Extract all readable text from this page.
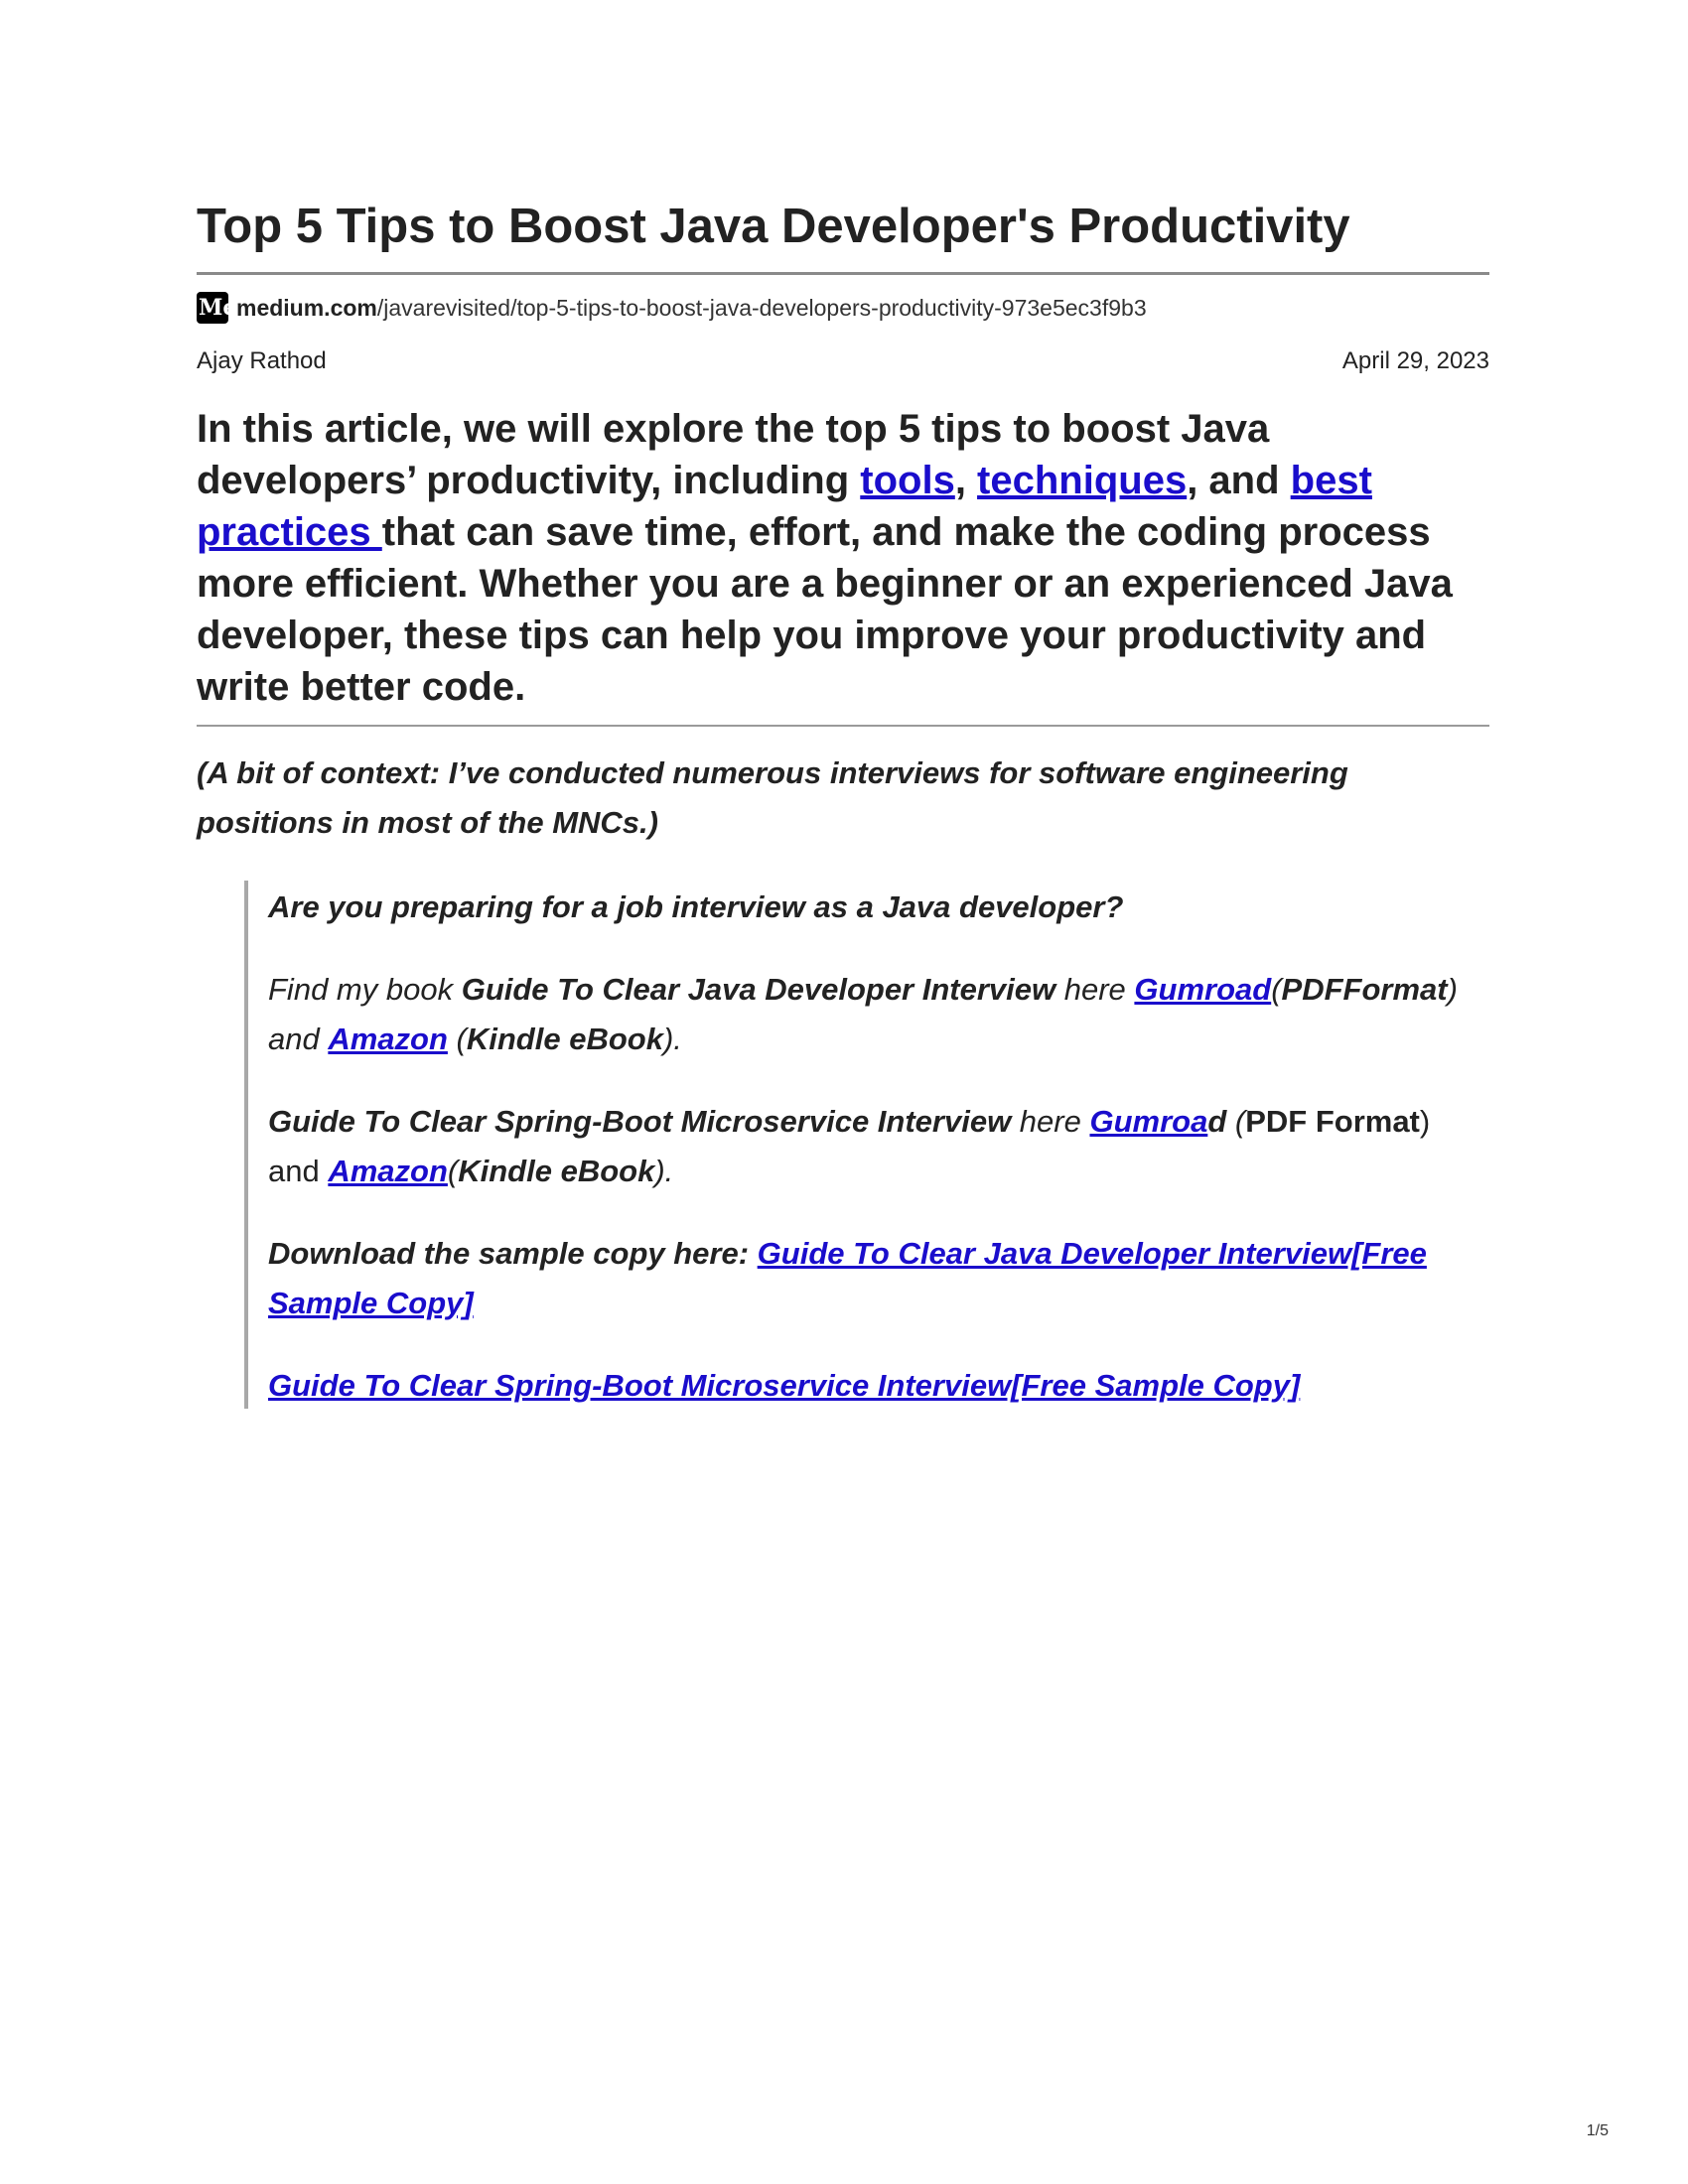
Top 5 Tips to Boost Java Developer's Productivity
Me medium.com /javarevisited/top-5-tips-to-boost-java-developers-productivity-973e5ec3f9b3
Ajay Rathod	April 29, 2023

In this article, we will explore the top 5 tips to boost Java developers’ productivity, including tools, techniques, and best practices that can save time, effort, and make the coding process more efficient. Whether you are a beginner or an experienced Java developer, these tips can help you improve your productivity and write better code.

(A bit of context: I’ve conducted numerous interviews for software engineering positions in most of the MNCs.)

Are you preparing for a job interview as a Java developer?

Find my book Guide To Clear Java Developer Interview here Gumroad(PDFFormat) and Amazon (Kindle eBook).

Guide To Clear Spring-Boot Microservice Interview here Gumroad (PDF Format) and Amazon(Kindle eBook).

Download the sample copy here: Guide To Clear Java Developer Interview[Free Sample Copy]

Guide To Clear Spring-Boot Microservice Interview[Free Sample Copy]

1/5
